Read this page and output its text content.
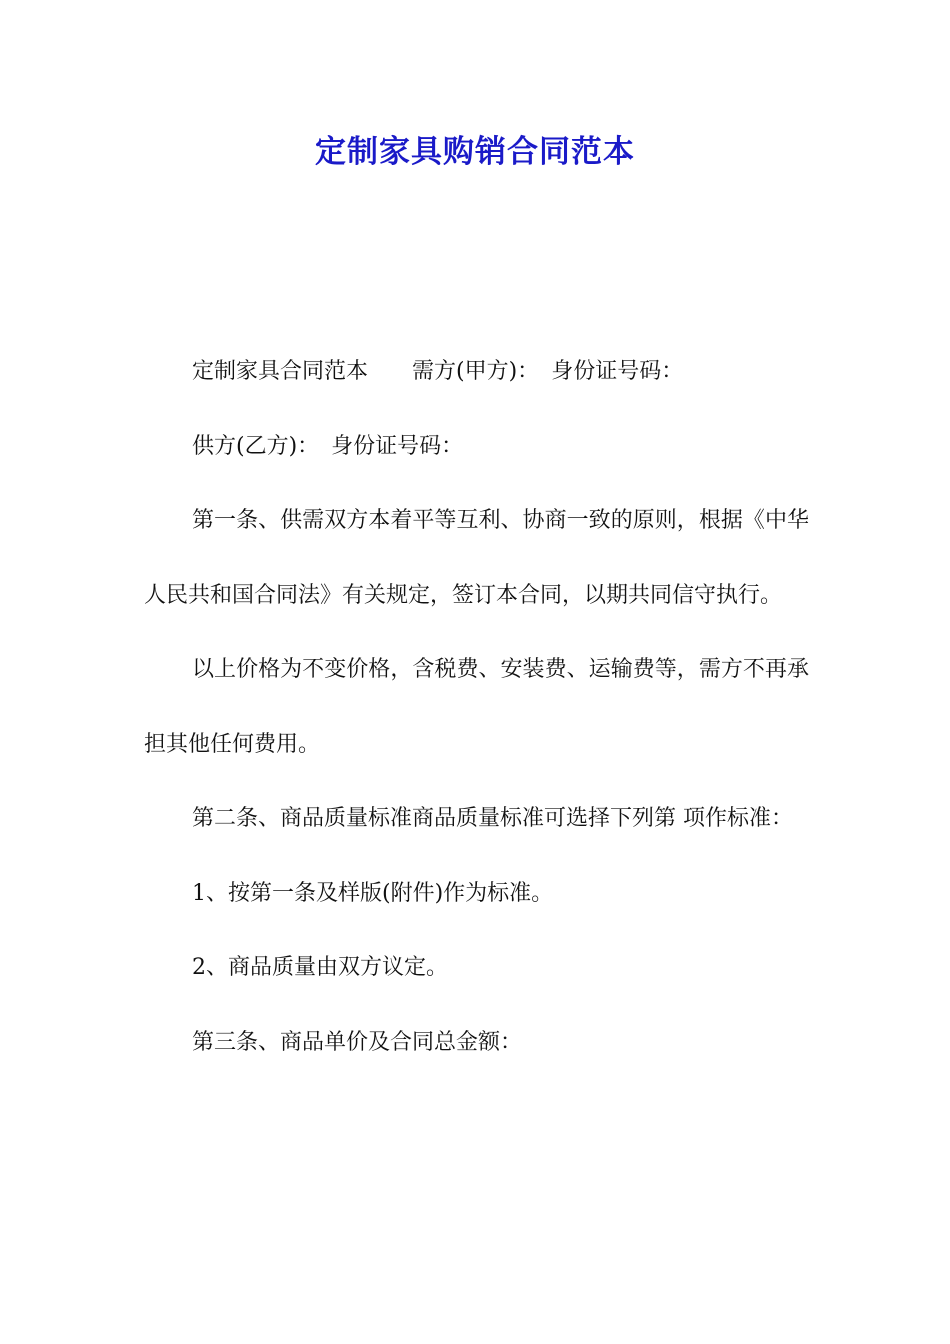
定制家具购销合同范本

定制家具合同范本 需方(甲方)： 身份证号码：

供方(乙方)： 身份证号码：

第一条、供需双方本着平等互利、协商一致的原则，根据《中华人民共和国合同法》有关规定，签订本合同，以期共同信守执行。

以上价格为不变价格，含税费、安装费、运输费等，需方不再承担其他任何费用。

第二条、商品质量标准商品质量标准可选择下列第 项作标准：

1、按第一条及样版(附件)作为标准。

2、商品质量由双方议定。

第三条、商品单价及合同总金额：
